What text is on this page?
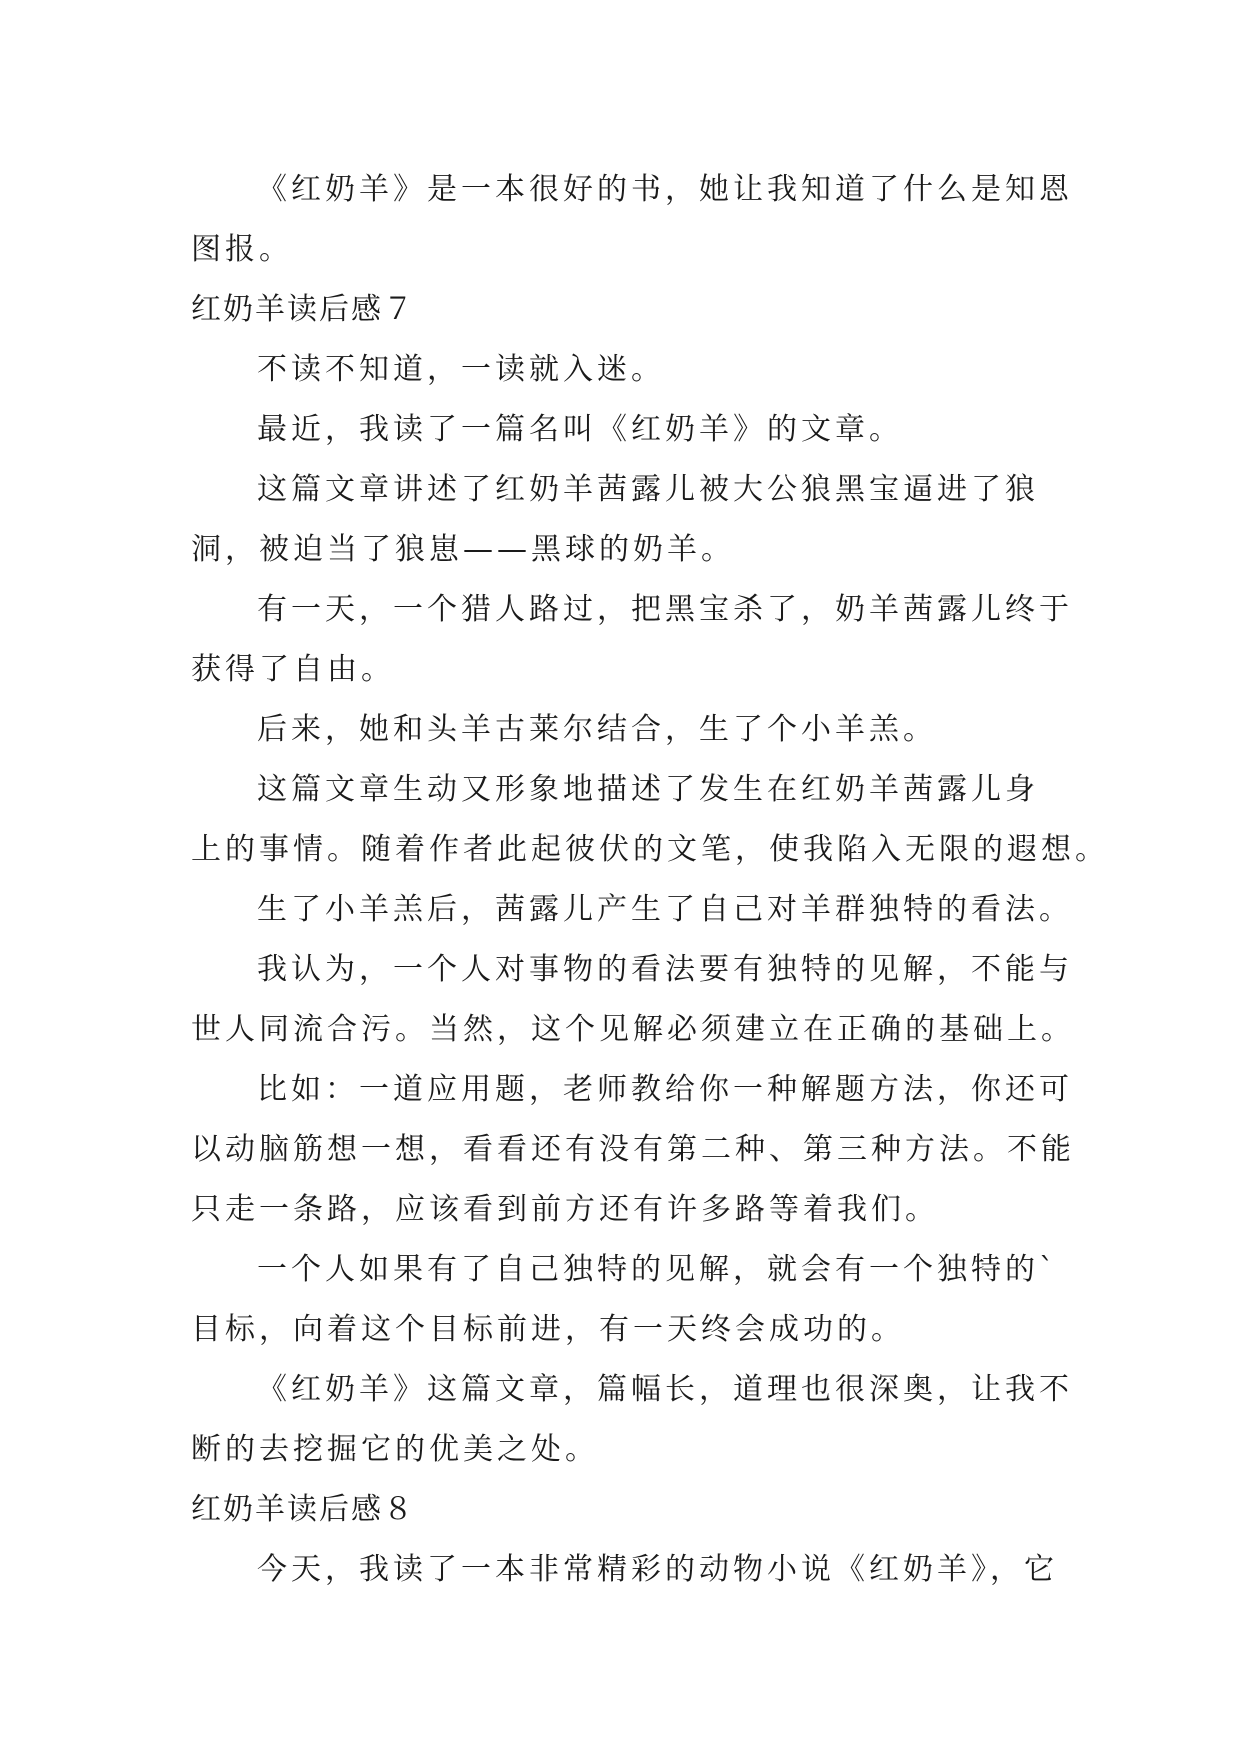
《红奶羊》是一本很好的书，她让我知道了什么是知恩
图报。
红奶羊读后感７
不读不知道，一读就入迷。
最近，我读了一篇名叫《红奶羊》的文章。
这篇文章讲述了红奶羊茜露儿被大公狼黑宝逼进了狼
洞，被迫当了狼崽——黑球的奶羊。
有一天，一个猎人路过，把黑宝杀了，奶羊茜露儿终于
获得了自由。
后来，她和头羊古莱尔结合，生了个小羊羔。
这篇文章生动又形象地描述了发生在红奶羊茜露儿身
上的事情。随着作者此起彼伏的文笔，使我陷入无限的遐想。
生了小羊羔后，茜露儿产生了自己对羊群独特的看法。
我认为，一个人对事物的看法要有独特的见解，不能与
世人同流合污。当然，这个见解必须建立在正确的基础上。
比如：一道应用题，老师教给你一种解题方法，你还可
以动脑筋想一想，看看还有没有第二种、第三种方法。不能
只走一条路，应该看到前方还有许多路等着我们。
一个人如果有了自己独特的见解，就会有一个独特的`
目标，向着这个目标前进，有一天终会成功的。
《红奶羊》这篇文章，篇幅长，道理也很深奥，让我不
断的去挖掘它的优美之处。
红奶羊读后感８
今天，我读了一本非常精彩的动物小说《红奶羊》，它
